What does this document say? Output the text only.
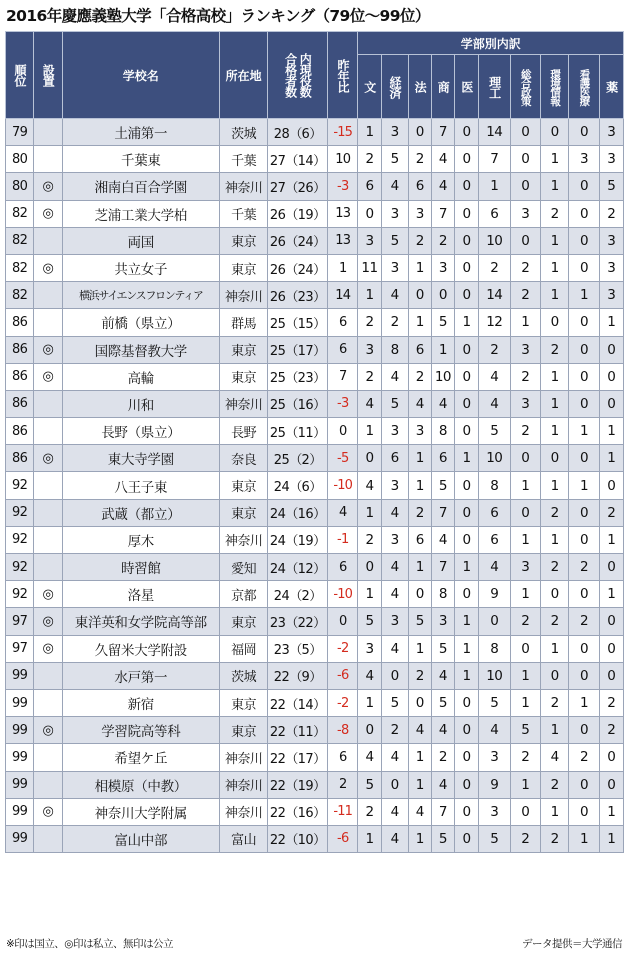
2016年慶應義塾大学「合格高校」ランキング（79位〜99位）
順位	設置	学校名	所在地	合格者数 内現役数	昨年比	学部別内訳									
						文	経済	法	商	医	理工	総合政策	環境情報	看護医療	薬
79		土浦第一	茨城	28（6）	-15	1	3	0	7	0	14	0	0	0	3
80		千葉東	千葉	27（14）	10	2	5	2	4	0	7	0	1	3	3
80	◎	湘南白百合学園	神奈川	27（26）	-3	6	4	6	4	0	1	0	1	0	5
82	◎	芝浦工業大学柏	千葉	26（19）	13	0	3	3	7	0	6	3	2	0	2
82		両国	東京	26（24）	13	3	5	2	2	0	10	0	1	0	3
82	◎	共立女子	東京	26（24）	1	11	3	1	3	0	2	2	1	0	3
82		横浜サイエンスフロンティア	神奈川	26（23）	14	1	4	0	0	0	14	2	1	1	3
86		前橋（県立）	群馬	25（15）	6	2	2	1	5	1	12	1	0	0	1
86	◎	国際基督教大学	東京	25（17）	6	3	8	6	1	0	2	3	2	0	0
86	◎	高輪	東京	25（23）	7	2	4	2	10	0	4	2	1	0	0
86		川和	神奈川	25（16）	-3	4	5	4	4	0	4	3	1	0	0
86		長野（県立）	長野	25（11）	0	1	3	3	8	0	5	2	1	1	1
86	◎	東大寺学園	奈良	25（2）	-5	0	6	1	6	1	10	0	0	0	1
92		八王子東	東京	24（6）	-10	4	3	1	5	0	8	1	1	1	0
92		武蔵（都立）	東京	24（16）	4	1	4	2	7	0	6	0	2	0	2
92		厚木	神奈川	24（19）	-1	2	3	6	4	0	6	1	1	0	1
92		時習館	愛知	24（12）	6	0	4	1	7	1	4	3	2	2	0
92	◎	洛星	京都	24（2）	-10	1	4	0	8	0	9	1	0	0	1
97	◎	東洋英和女学院高等部	東京	23（22）	0	5	3	5	3	1	0	2	2	2	0
97	◎	久留米大学附設	福岡	23（5）	-2	3	4	1	5	1	8	0	1	0	0
99		水戸第一	茨城	22（9）	-6	4	0	2	4	1	10	1	0	0	0
99		新宿	東京	22（14）	-2	1	5	0	5	0	5	1	2	1	2
99	◎	学習院高等科	東京	22（11）	-8	0	2	4	4	0	4	5	1	0	2
99		希望ケ丘	神奈川	22（17）	6	4	4	1	2	0	3	2	4	2	0
99		相模原（中教）	神奈川	22（19）	2	5	0	1	4	0	9	1	2	0	0
99	◎	神奈川大学附属	神奈川	22（16）	-11	2	4	4	7	0	3	0	1	0	1
99		富山中部	富山	22（10）	-6	1	4	1	5	0	5	2	2	1	1
※印は国立、◎印は私立、無印は公立	データ提供＝大学通信
